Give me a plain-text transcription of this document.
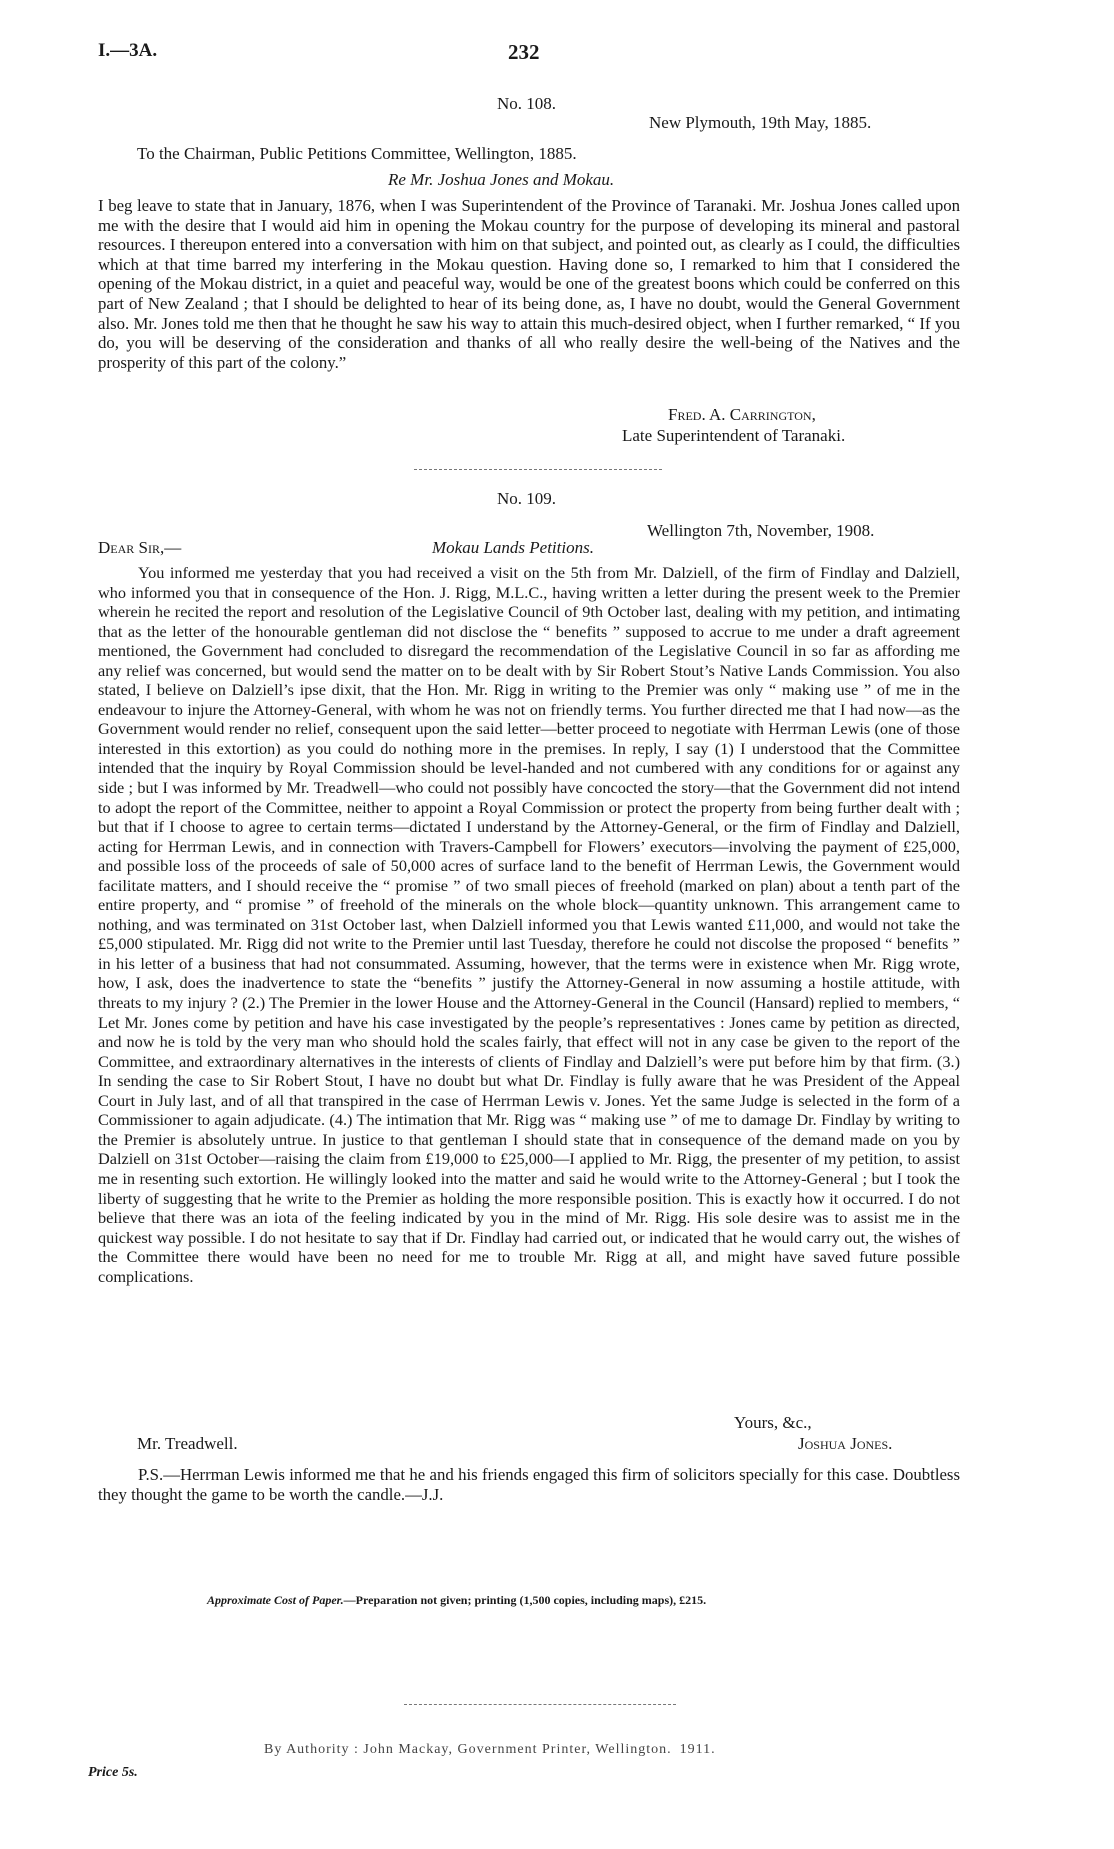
I.—3A.	232
No. 108.
New Plymouth, 19th May, 1885.
To the Chairman, Public Petitions Committee, Wellington, 1885.
Re Mr. Joshua Jones and Mokau.
I beg leave to state that in January, 1876, when I was Superintendent of the Province of Taranaki. Mr. Joshua Jones called upon me with the desire that I would aid him in opening the Mokau country for the purpose of developing its mineral and pastoral resources. I thereupon entered into a conversation with him on that subject, and pointed out, as clearly as I could, the difficulties which at that time barred my interfering in the Mokau question. Having done so, I remarked to him that I considered the opening of the Mokau district, in a quiet and peaceful way, would be one of the greatest boons which could be conferred on this part of New Zealand ; that I should be delighted to hear of its being done, as, I have no doubt, would the General Government also. Mr. Jones told me then that he thought he saw his way to attain this much-desired object, when I further remarked, “ If you do, you will be deserving of the consideration and thanks of all who really desire the well-being of the Natives and the prosperity of this part of the colony.”
Fred. A. Carrington,
Late Superintendent of Taranaki.
No. 109.
Wellington 7th, November, 1908.
Dear Sir,—	Mokau Lands Petitions.
You informed me yesterday that you had received a visit on the 5th from Mr. Dalziell, of the firm of Findlay and Dalziell, who informed you that in consequence of the Hon. J. Rigg, M.L.C., having written a letter during the present week to the Premier wherein he recited the report and resolution of the Legislative Council of 9th October last, dealing with my petition, and intimating that as the letter of the honourable gentleman did not disclose the “ benefits ” supposed to accrue to me under a draft agreement mentioned, the Government had concluded to disregard the recommendation of the Legislative Council in so far as affording me any relief was concerned, but would send the matter on to be dealt with by Sir Robert Stout’s Native Lands Commission. You also stated, I believe on Dalziell’s ipse dixit, that the Hon. Mr. Rigg in writing to the Premier was only “ making use ” of me in the endeavour to injure the Attorney-General, with whom he was not on friendly terms. You further directed me that I had now—as the Government would render no relief, consequent upon the said letter—better proceed to negotiate with Herrman Lewis (one of those interested in this extortion) as you could do nothing more in the premises. In reply, I say (1) I understood that the Committee intended that the inquiry by Royal Commission should be level-handed and not cumbered with any conditions for or against any side ; but I was informed by Mr. Treadwell—who could not possibly have concocted the story—that the Government did not intend to adopt the report of the Committee, neither to appoint a Royal Commission or protect the property from being further dealt with ; but that if I choose to agree to certain terms—dictated I understand by the Attorney-General, or the firm of Findlay and Dalziell, acting for Herrman Lewis, and in connection with Travers-Campbell for Flowers’ executors—involving the payment of £25,000, and possible loss of the proceeds of sale of 50,000 acres of surface land to the benefit of Herrman Lewis, the Government would facilitate matters, and I should receive the “ promise ” of two small pieces of freehold (marked on plan) about a tenth part of the entire property, and “ promise ” of freehold of the minerals on the whole block—quantity unknown. This arrangement came to nothing, and was terminated on 31st October last, when Dalziell informed you that Lewis wanted £11,000, and would not take the £5,000 stipulated. Mr. Rigg did not write to the Premier until last Tuesday, therefore he could not discolse the proposed “ benefits ” in his letter of a business that had not consummated. Assuming, however, that the terms were in existence when Mr. Rigg wrote, how, I ask, does the inadvertence to state the “benefits ” justify the Attorney-General in now assuming a hostile attitude, with threats to my injury ? (2.) The Premier in the lower House and the Attorney-General in the Council (Hansard) replied to members, “ Let Mr. Jones come by petition and have his case investigated by the people’s representatives : Jones came by petition as directed, and now he is told by the very man who should hold the scales fairly, that effect will not in any case be given to the report of the Committee, and extraordinary alternatives in the interests of clients of Findlay and Dalziell’s were put before him by that firm. (3.) In sending the case to Sir Robert Stout, I have no doubt but what Dr. Findlay is fully aware that he was President of the Appeal Court in July last, and of all that transpired in the case of Herrman Lewis v. Jones. Yet the same Judge is selected in the form of a Commissioner to again adjudicate. (4.) The intimation that Mr. Rigg was “ making use ” of me to damage Dr. Findlay by writing to the Premier is absolutely untrue. In justice to that gentleman I should state that in consequence of the demand made on you by Dalziell on 31st October—raising the claim from £19,000 to £25,000—I applied to Mr. Rigg, the presenter of my petition, to assist me in resenting such extortion. He willingly looked into the matter and said he would write to the Attorney-General ; but I took the liberty of suggesting that he write to the Premier as holding the more responsible position. This is exactly how it occurred. I do not believe that there was an iota of the feeling indicated by you in the mind of Mr. Rigg. His sole desire was to assist me in the quickest way possible. I do not hesitate to say that if Dr. Findlay had carried out, or indicated that he would carry out, the wishes of the Committee there would have been no need for me to trouble Mr. Rigg at all, and might have saved future possible complications.
Yours, &c.,
Mr. Treadwell.	Joshua Jones.
P.S.—Herrman Lewis informed me that he and his friends engaged this firm of solicitors specially for this case. Doubtless they thought the game to be worth the candle.—J.J.
Approximate Cost of Paper.—Preparation not given; printing (1,500 copies, including maps), £215.
By Authority : John Mackay, Government Printer, Wellington. 1911.
Price 5s.
